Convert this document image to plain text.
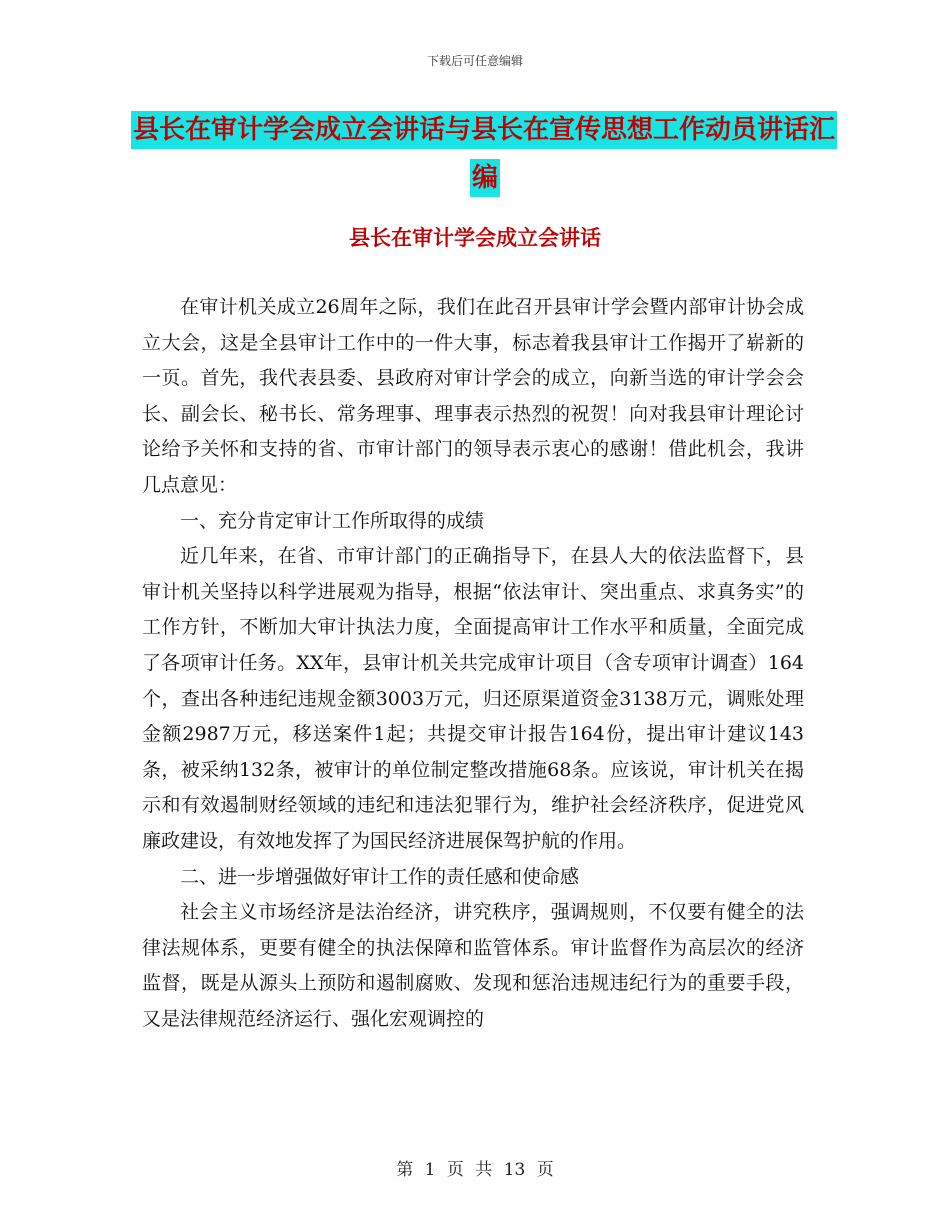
下载后可任意编辑
县长在审计学会成立会讲话与县长在宣传思想工作动员讲话汇编
县长在审计学会成立会讲话

在审计机关成立26周年之际，我们在此召开县审计学会暨内部审计协会成立大会，这是全县审计工作中的一件大事，标志着我县审计工作揭开了崭新的一页。首先，我代表县委、县政府对审计学会的成立，向新当选的审计学会会长、副会长、秘书长、常务理事、理事表示热烈的祝贺！向对我县审计理论讨论给予关怀和支持的省、市审计部门的领导表示衷心的感谢！借此机会，我讲几点意见：

一、充分肯定审计工作所取得的成绩

近几年来，在省、市审计部门的正确指导下，在县人大的依法监督下，县审计机关坚持以科学进展观为指导，根据“依法审计、突出重点、求真务实”的工作方针，不断加大审计执法力度，全面提高审计工作水平和质量，全面完成了各项审计任务。XX年，县审计机关共完成审计项目（含专项审计调查）164个，查出各种违纪违规金额3003万元，归还原渠道资金3138万元，调账处理金额2987万元，移送案件1起；共提交审计报告164份，提出审计建议143条，被采纳132条，被审计的单位制定整改措施68条。应该说，审计机关在揭示和有效遏制财经领域的违纪和违法犯罪行为，维护社会经济秩序，促进党风廉政建设，有效地发挥了为国民经济进展保驾护航的作用。

二、进一步增强做好审计工作的责任感和使命感

社会主义市场经济是法治经济，讲究秩序，强调规则，不仅要有健全的法律法规体系，更要有健全的执法保障和监管体系。审计监督作为高层次的经济监督，既是从源头上预防和遏制腐败、发现和惩治违规违纪行为的重要手段，又是法律规范经济运行、强化宏观调控的

第 1 页 共 13 页
